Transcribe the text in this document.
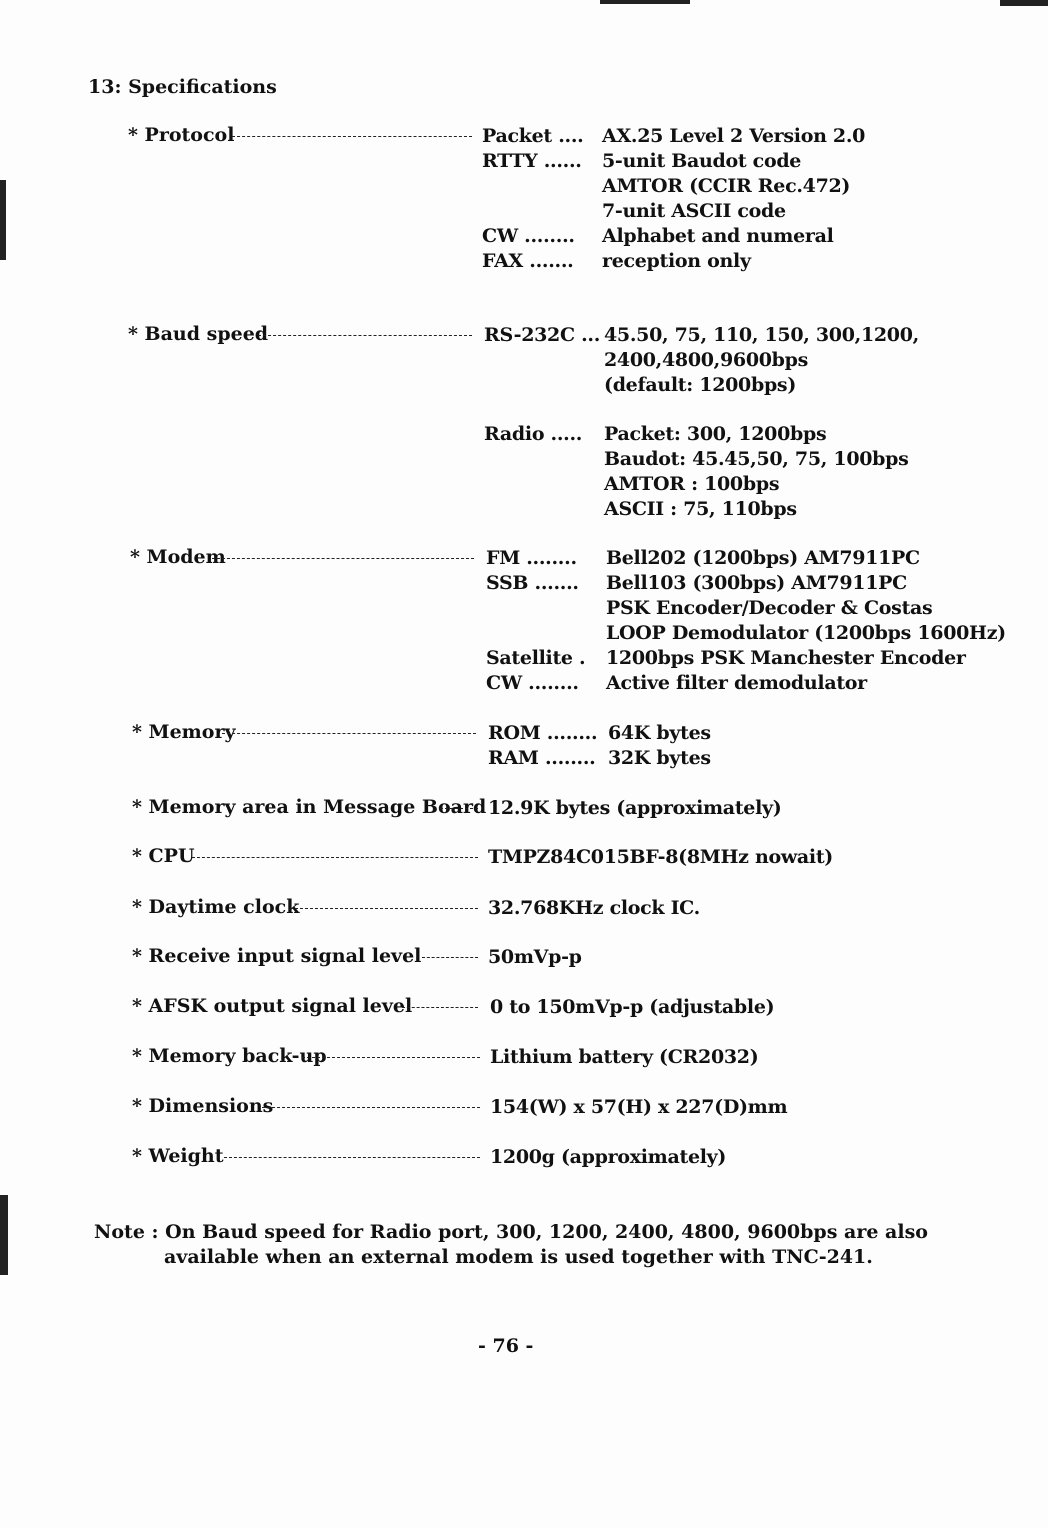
13: Specifications
* Protocol	Packet .... AX.25 Level 2 Version 2.0
RTTY ...... 5-unit Baudot code
AMTOR (CCIR Rec.472)
7-unit ASCII code
CW ........ Alphabet and numeral
FAX ....... reception only
* Baud speed	RS-232C ... 45.50, 75, 110, 150, 300,1200,
2400,4800,9600bps
(default: 1200bps)
Radio ..... Packet: 300, 1200bps
Baudot: 45.45,50, 75, 100bps
AMTOR : 100bps
ASCII : 75, 110bps
* Modem	FM ........ Bell202 (1200bps) AM7911PC
SSB ....... Bell103 (300bps) AM7911PC
PSK Encoder/Decoder & Costas
LOOP Demodulator (1200bps 1600Hz)
Satellite . 1200bps PSK Manchester Encoder
CW ........ Active filter demodulator
* Memory	ROM ........ 64K bytes
RAM ........ 32K bytes
* Memory area in Message Board 12.9K bytes (approximately)
* CPU	TMPZ84C015BF-8(8MHz nowait)
* Daytime clock	32.768KHz clock IC.
* Receive input signal level	50mVp-p
* AFSK output signal level	0 to 150mVp-p (adjustable)
* Memory back-up	Lithium battery (CR2032)
* Dimensions	154(W) x 57(H) x 227(D)mm
* Weight	1200g (approximately)
Note : On Baud speed for Radio port, 300, 1200, 2400, 4800, 9600bps are also
available when an external modem is used together with TNC-241.
- 76 -
